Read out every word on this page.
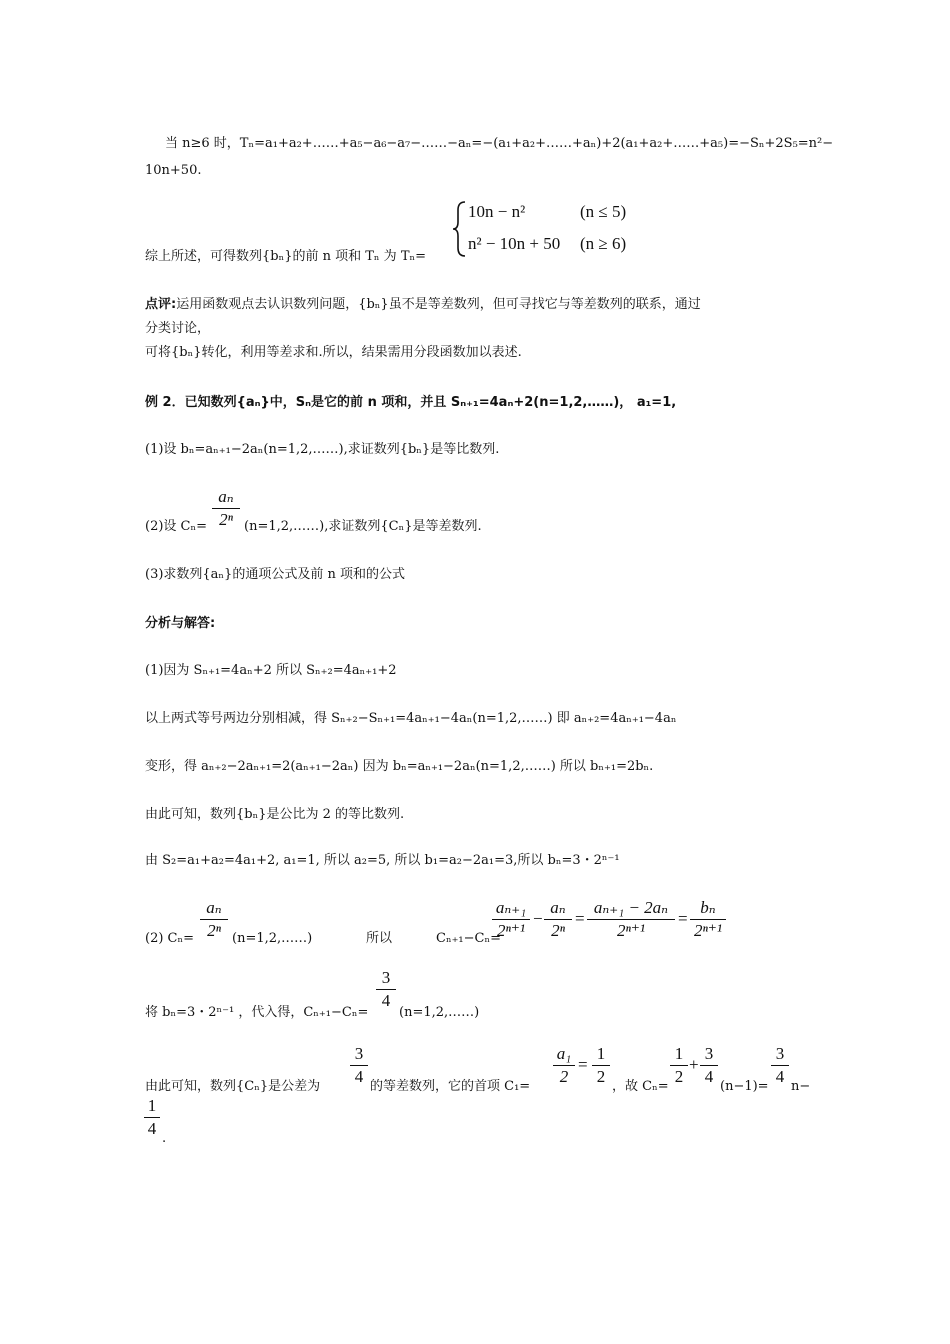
当 n≥6 时，Tₙ=a₁+a₂+……+a₅−a₆−a₇−……−aₙ=−(a₁+a₂+……+aₙ)+2(a₁+a₂+……+a₅)=−Sₙ+2S₅=n²−
10n+50.
综上所述，可得数列{bₙ}的前 n 项和 Tₙ 为 Tₙ=
10n − n²	(n ≤ 5)
n² − 10n + 50 (n ≥ 6)
点评:运用函数观点去认识数列问题，{bₙ}虽不是等差数列，但可寻找它与等差数列的联系，通过
分类讨论，
可将{bₙ}转化，利用等差求和.所以，结果需用分段函数加以表述.
例 2．已知数列{aₙ}中，Sₙ是它的前 n 项和，并且 Sₙ₊₁=4aₙ+2(n=1,2,……)， a₁=1,
(1)设 bₙ=aₙ₊₁−2aₙ(n=1,2,……),求证数列{bₙ}是等比数列.
(2)设 Cₙ=
aₙ
2ⁿ (n=1,2,……),求证数列{Cₙ}是等差数列.
(3)求数列{aₙ}的通项公式及前 n 项和的公式
分析与解答:
(1)因为 Sₙ₊₁=4aₙ+2 所以 Sₙ₊₂=4aₙ₊₁+2
以上两式等号两边分别相减，得 Sₙ₊₂−Sₙ₊₁=4aₙ₊₁−4aₙ(n=1,2,……) 即 aₙ₊₂=4aₙ₊₁−4aₙ
变形，得 aₙ₊₂−2aₙ₊₁=2(aₙ₊₁−2aₙ) 因为 bₙ=aₙ₊₁−2aₙ(n=1,2,……) 所以 bₙ₊₁=2bₙ.
由此可知，数列{bₙ}是公比为 2 的等比数列.
由 S₂=a₁+a₂=4a₁+2, a₁=1, 所以 a₂=5, 所以 b₁=a₂−2a₁=3,所以 bₙ=3・2ⁿ⁻¹
(2) Cₙ=
aₙ
2ⁿ (n=1,2,……)	所以	Cₙ₊₁−Cₙ=
aₙ₊₁
2ⁿ⁺¹
−
aₙ
2ⁿ
=
aₙ₊₁ − 2aₙ
2ⁿ⁺¹
=
bₙ
2ⁿ⁺¹
将 bₙ=3・2ⁿ⁻¹ ，代入得，Cₙ₊₁−Cₙ=
3
4
(n=1,2,……)
由此可知，数列{Cₙ}是公差为
3
4
的等差数列，它的首项 C₁=
a₁
2
=
1
2
，故 Cₙ=
1
2
+
3
4
(n−1)=
3
4
n−
1
4
.
